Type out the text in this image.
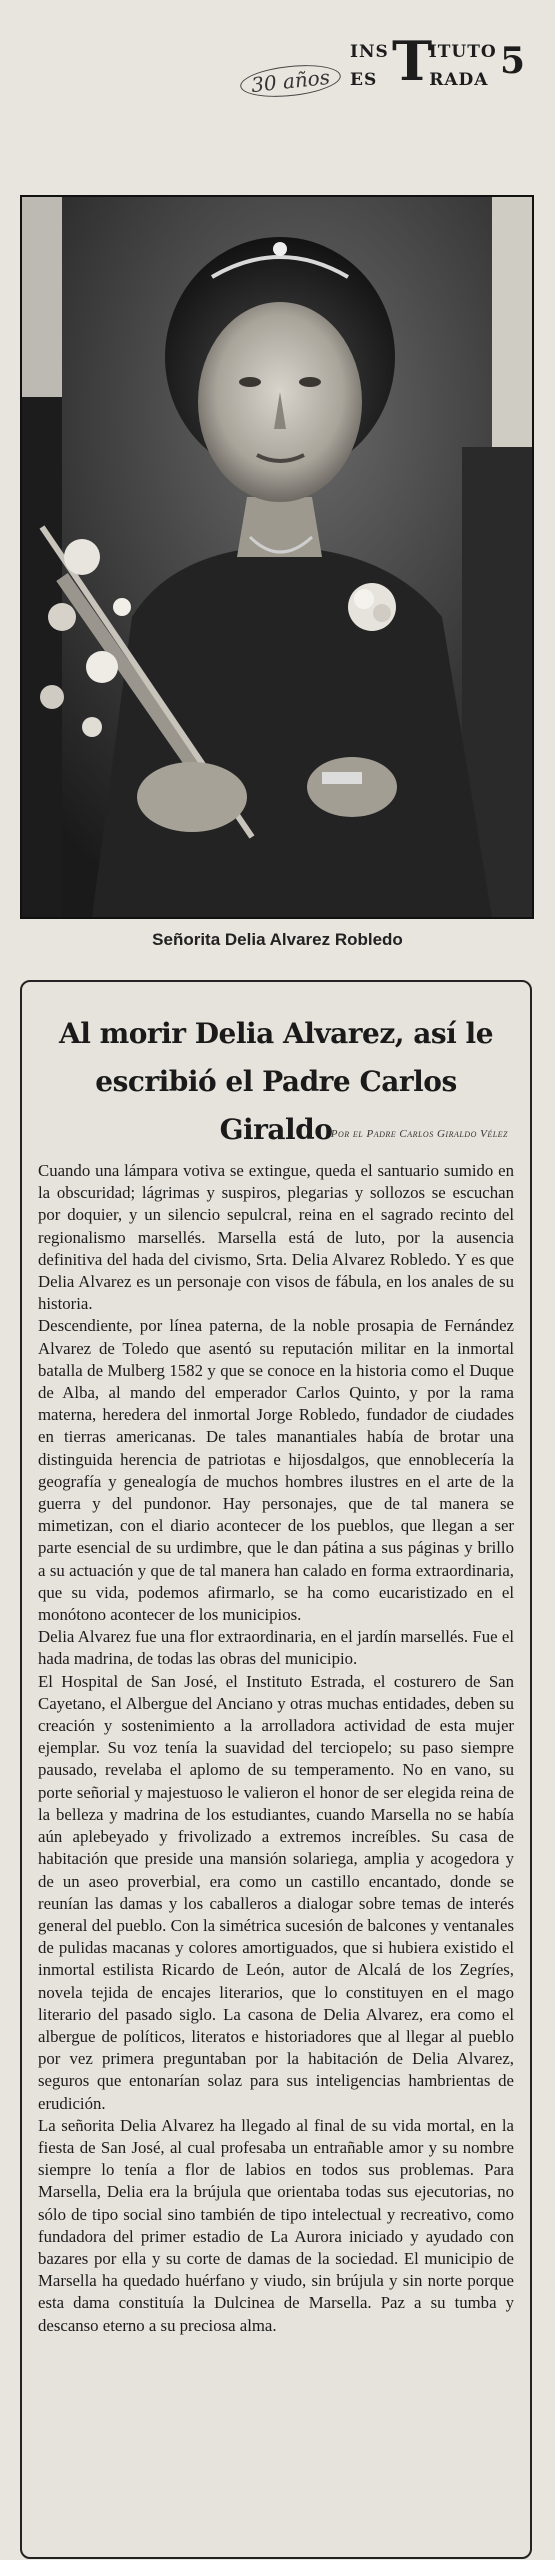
30 años
INS ITUTO
T
ES	RADA 5
Señorita Delia Alvarez Robledo
Al morir Delia Alvarez, así le escribió el Padre Carlos Giraldo
Por el Padre Carlos Giraldo Vélez

Cuando una lámpara votiva se extingue, queda el santuario sumido en la obscuridad; lágrimas y suspiros, plegarias y sollozos se escuchan por doquier, y un silencio sepulcral, reina en el sagrado recinto del regionalismo marsellés. Marsella está de luto, por la ausencia definitiva del hada del civismo, Srta. Delia Alvarez Robledo. Y es que Delia Alvarez es un personaje con visos de fábula, en los anales de su historia.

Descendiente, por línea paterna, de la noble prosapia de Fernández Alvarez de Toledo que asentó su reputación militar en la inmortal batalla de Mulberg 1582 y que se conoce en la historia como el Duque de Alba, al mando del emperador Carlos Quinto, y por la rama materna, heredera del inmortal Jorge Robledo, fundador de ciudades en tierras americanas. De tales manantiales había de brotar una distinguida herencia de patriotas e hijosdalgos, que ennoblecería la geografía y genealogía de muchos hombres ilustres en el arte de la guerra y del pundonor. Hay personajes, que de tal manera se mimetizan, con el diario acontecer de los pueblos, que llegan a ser parte esencial de su urdimbre, que le dan pátina a sus páginas y brillo a su actuación y que de tal manera han calado en forma extraordinaria, que su vida, podemos afirmarlo, se ha como eucaristizado en el monótono acontecer de los municipios.

Delia Alvarez fue una flor extraordinaria, en el jardín marsellés. Fue el hada madrina, de todas las obras del municipio.

El Hospital de San José, el Instituto Estrada, el costurero de San Cayetano, el Albergue del Anciano y otras muchas entidades, deben su creación y sostenimiento a la arrolladora actividad de esta mujer ejemplar. Su voz tenía la suavidad del terciopelo; su paso siempre pausado, revelaba el aplomo de su temperamento. No en vano, su porte señorial y majestuoso le valieron el honor de ser elegida reina de la belleza y madrina de los estudiantes, cuando Marsella no se había aún aplebeyado y frivolizado a extremos increíbles. Su casa de habitación que preside una mansión solariega, amplia y acogedora y de un aseo proverbial, era como un castillo encantado, donde se reunían las damas y los caballeros a dialogar sobre temas de interés general del pueblo. Con la simétrica sucesión de balcones y ventanales de pulidas macanas y colores amortiguados, que si hubiera existido el inmortal estilista Ricardo de León, autor de Alcalá de los Zegríes, novela tejida de encajes literarios, que lo constituyen en el mago literario del pasado siglo. La casona de Delia Alvarez, era como el albergue de políticos, literatos e historiadores que al llegar al pueblo por vez primera preguntaban por la habitación de Delia Alvarez, seguros que entonarían solaz para sus inteligencias hambrientas de erudición.

La señorita Delia Alvarez ha llegado al final de su vida mortal, en la fiesta de San José, al cual profesaba un entrañable amor y su nombre siempre lo tenía a flor de labios en todos sus problemas. Para Marsella, Delia era la brújula que orientaba todas sus ejecutorias, no sólo de tipo social sino también de tipo intelectual y recreativo, como fundadora del primer estadio de La Aurora iniciado y ayudado con bazares por ella y su corte de damas de la sociedad. El municipio de Marsella ha quedado huérfano y viudo, sin brújula y sin norte porque esta dama constituía la Dulcinea de Marsella. Paz a su tumba y descanso eterno a su preciosa alma.
